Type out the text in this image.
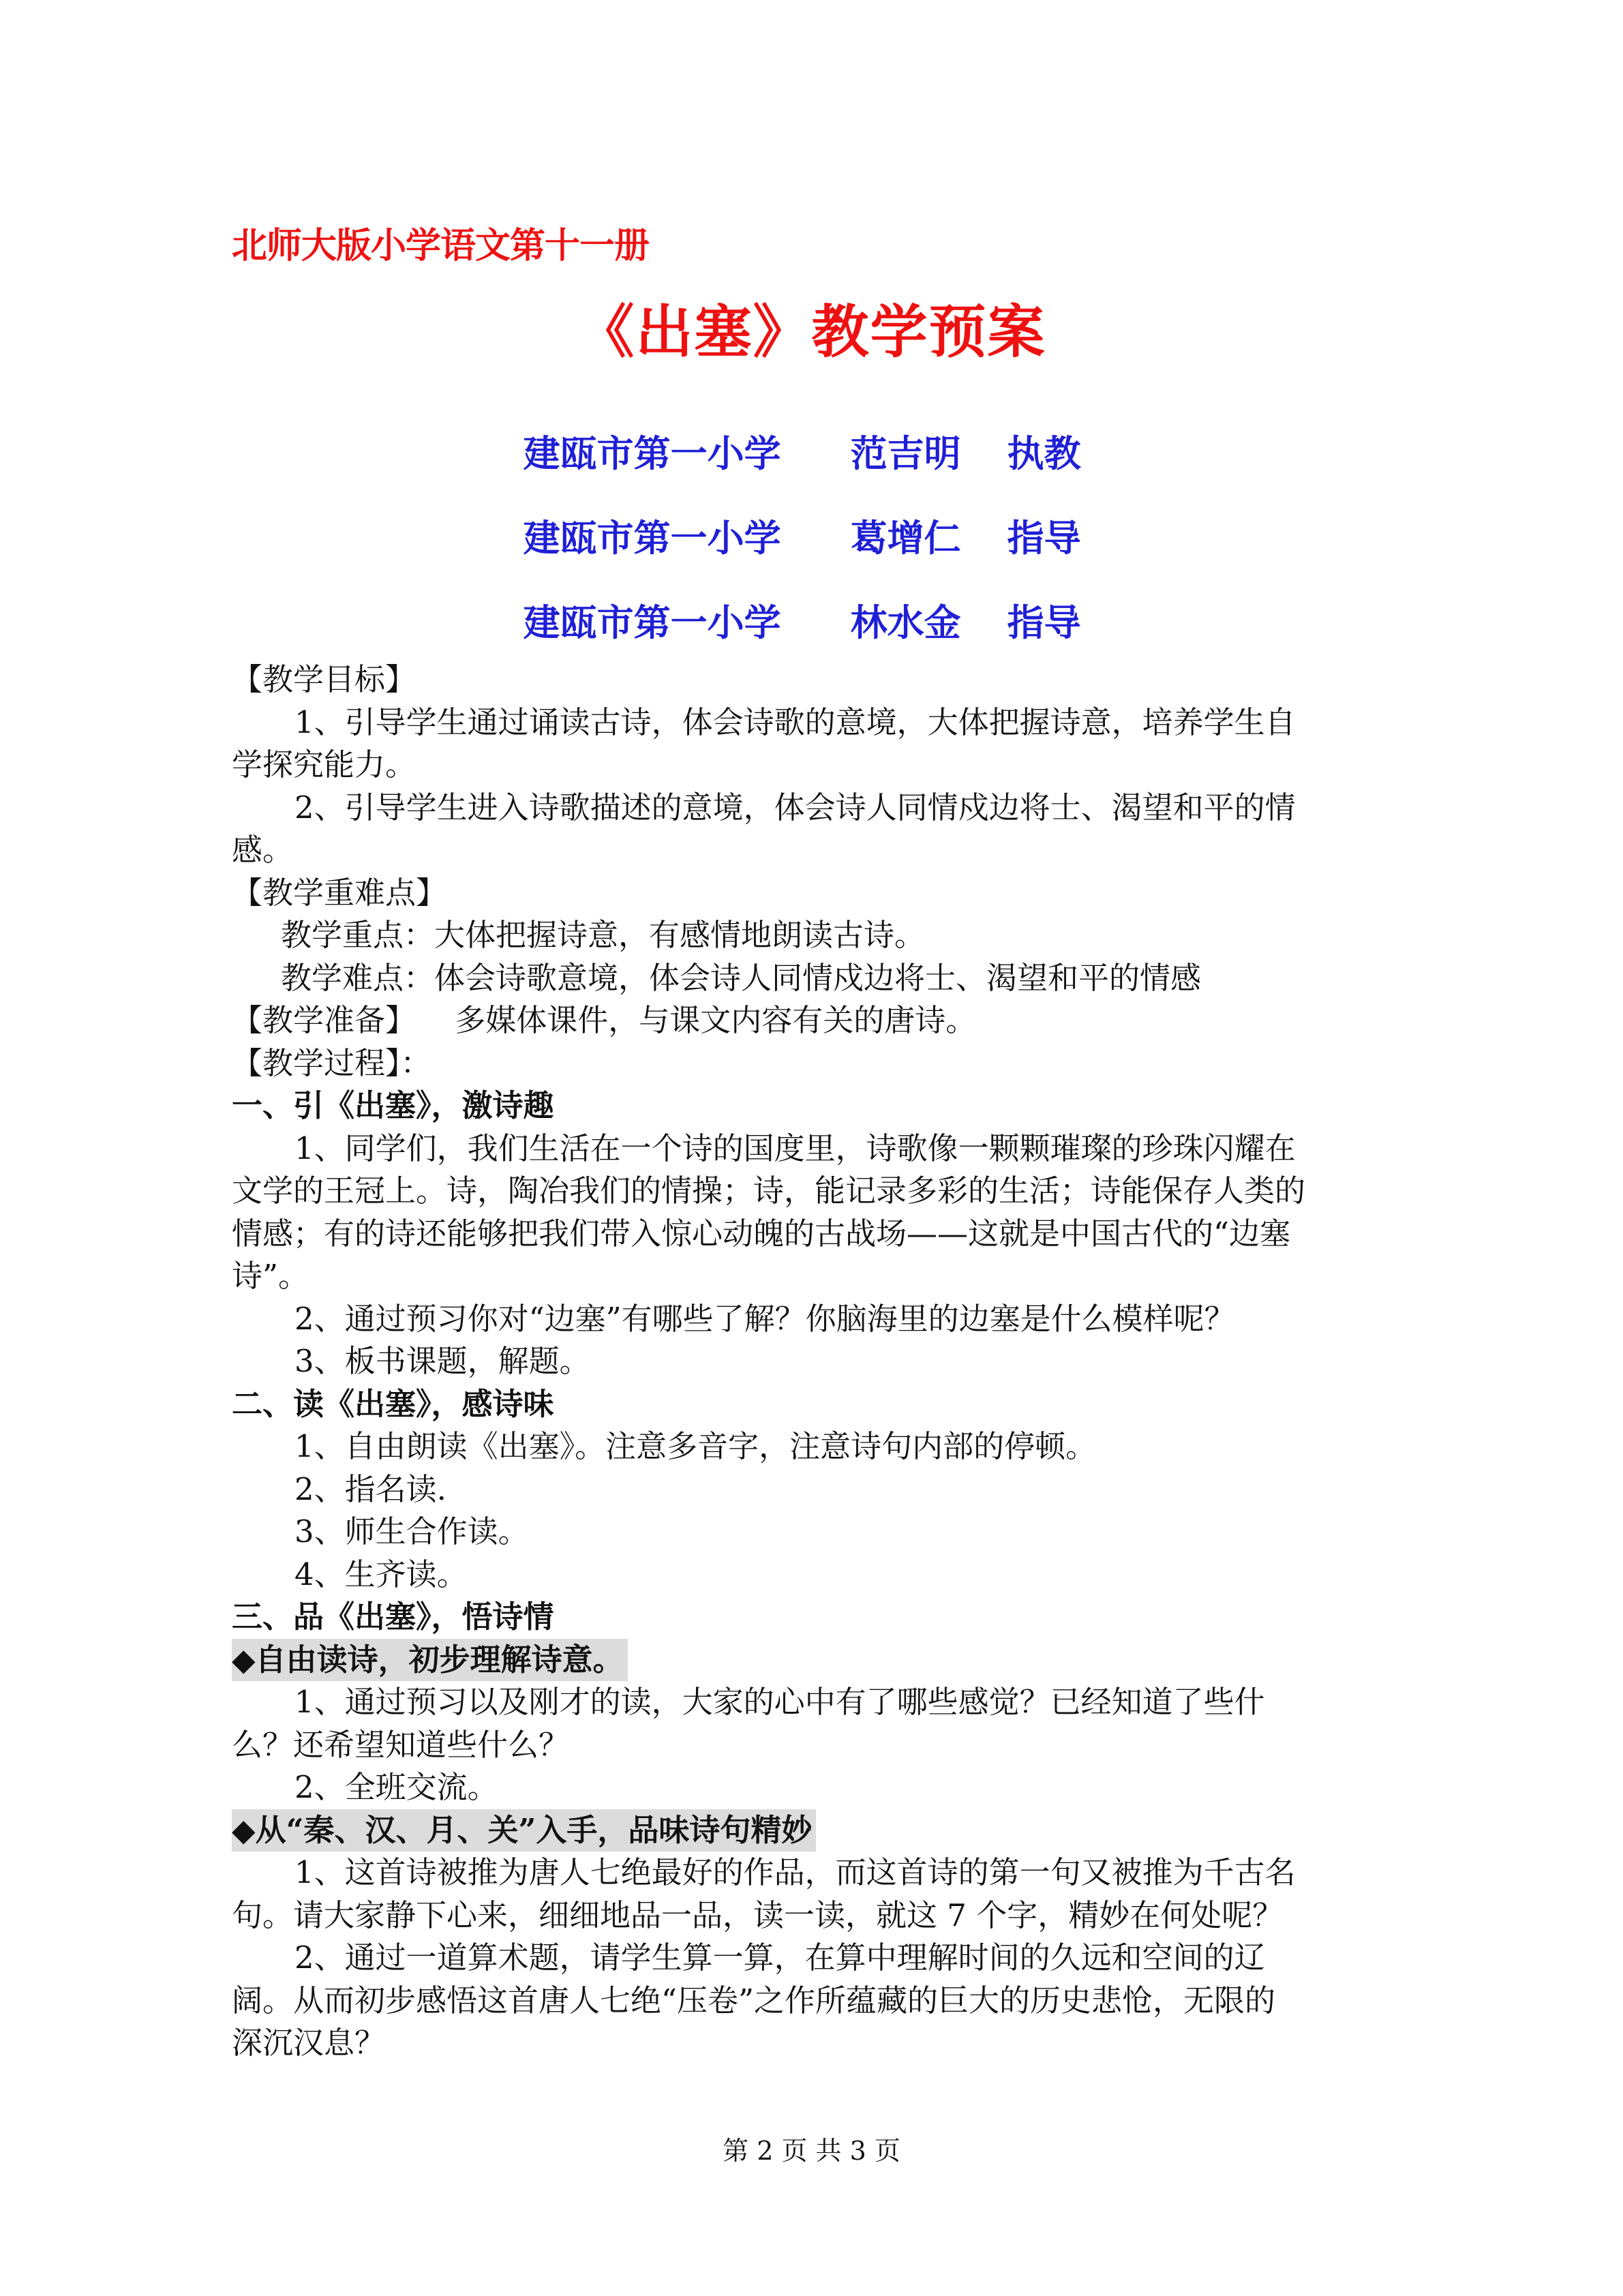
北师大版小学语文第十一册
《出塞》教学预案

建瓯市第一小学 范吉明 执教

建瓯市第一小学 葛增仁 指导

建瓯市第一小学 林水金 指导

【教学目标】
1、引导学生通过诵读古诗，体会诗歌的意境，大体把握诗意，培养学生自
学探究能力。
2、引导学生进入诗歌描述的意境，体会诗人同情戍边将士、渴望和平的情
感。
【教学重难点】
教学重点：大体把握诗意，有感情地朗读古诗。
教学难点：体会诗歌意境，体会诗人同情戍边将士、渴望和平的情感
【教学准备】    多媒体课件，与课文内容有关的唐诗。
【教学过程】：
一、引《出塞》，激诗趣
1、同学们，我们生活在一个诗的国度里，诗歌像一颗颗璀璨的珍珠闪耀在
文学的王冠上。诗，陶冶我们的情操；诗，能记录多彩的生活；诗能保存人类的
情感；有的诗还能够把我们带入惊心动魄的古战场——这就是中国古代的“边塞
诗”。
2、通过预习你对“边塞”有哪些了解？你脑海里的边塞是什么模样呢？
3、板书课题，解题。
二、读《出塞》，感诗味
1、自由朗读《出塞》。注意多音字，注意诗句内部的停顿。
2、指名读.
3、师生合作读。
4、生齐读。
三、品《出塞》，悟诗情
◆自由读诗，初步理解诗意。
1、通过预习以及刚才的读，大家的心中有了哪些感觉？已经知道了些什
么？还希望知道些什么？
2、全班交流。
◆从“秦、汉、月、关”入手，品味诗句精妙
1、这首诗被推为唐人七绝最好的作品，而这首诗的第一句又被推为千古名
句。请大家静下心来，细细地品一品，读一读，就这 7 个字，精妙在何处呢？
2、通过一道算术题，请学生算一算，在算中理解时间的久远和空间的辽
阔。从而初步感悟这首唐人七绝“压卷”之作所蕴藏的巨大的历史悲怆，无限的
深沉汉息？
第 2 页 共 3 页
